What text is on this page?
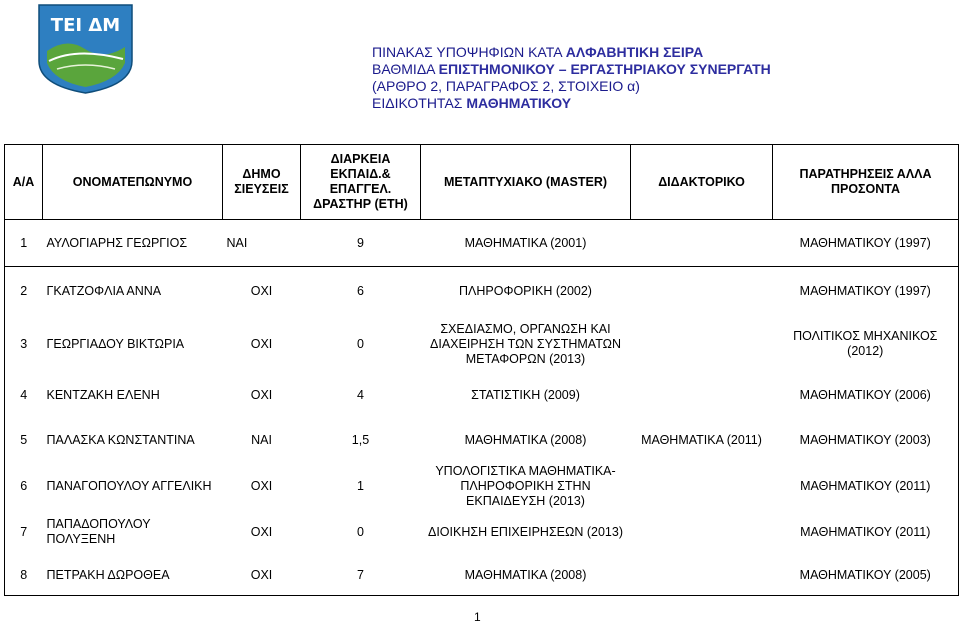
ΤΕΙ ΔΜ
ΠΙΝΑΚΑΣ ΥΠΟΨΗΦΙΩΝ ΚΑΤΑ ΑΛΦΑΒΗΤΙΚΗ ΣΕΙΡΑ
ΒΑΘΜΙΔΑ ΕΠΙΣΤΗΜΟΝΙΚΟΥ – ΕΡΓΑΣΤΗΡΙΑΚΟΥ ΣΥΝΕΡΓΑΤΗ
(ΑΡΘΡΟ 2, ΠΑΡΑΓΡΑΦΟΣ 2, ΣΤΟΙΧΕΙΟ α)
ΕΙΔΙΚΟΤΗΤΑΣ ΜΑΘΗΜΑΤΙΚΟΥ
Α/Α	ΟΝΟΜΑΤΕΠΩΝΥΜΟ	ΔΗΜΟ ΣΙΕΥΣΕΙΣ	ΔΙΑΡΚΕΙΑ ΕΚΠΑΙΔ.& ΕΠΑΓΓΕΛ. ΔΡΑΣΤΗΡ (ΕΤΗ)	ΜΕΤΑΠΤΥΧΙΑΚΟ (MASTER)	ΔΙΔΑΚΤΟΡΙΚΟ	ΠΑΡΑΤΗΡΗΣΕΙΣ ΑΛΛΑ ΠΡΟΣΟΝΤΑ
1	ΑΥΛΟΓΙΑΡΗΣ ΓΕΩΡΓΙΟΣ	ΝΑΙ	9	ΜΑΘΗΜΑΤΙΚΑ (2001)		ΜΑΘΗΜΑΤΙΚΟΥ (1997)
2	ΓΚΑΤΖΟΦΛΙΑ ΑΝΝΑ	ΟΧΙ	6	ΠΛΗΡΟΦΟΡΙΚΗ (2002)		ΜΑΘΗΜΑΤΙΚΟΥ (1997)
3	ΓΕΩΡΓΙΑΔΟΥ ΒΙΚΤΩΡΙΑ	ΟΧΙ	0	ΣΧΕΔΙΑΣΜΟ, ΟΡΓΑΝΩΣΗ ΚΑΙ ΔΙΑΧΕΙΡΗΣΗ ΤΩΝ ΣΥΣΤΗΜΑΤΩΝ ΜΕΤΑΦΟΡΩΝ (2013)		ΠΟΛΙΤΙΚΟΣ ΜΗΧΑΝΙΚΟΣ (2012)
4	ΚΕΝΤΖΑΚΗ ΕΛΕΝΗ	ΟΧΙ	4	ΣΤΑΤΙΣΤΙΚΗ (2009)		ΜΑΘΗΜΑΤΙΚΟΥ (2006)
5	ΠΑΛΑΣΚΑ ΚΩΝΣΤΑΝΤΙΝΑ	ΝΑΙ	1,5	ΜΑΘΗΜΑΤΙΚΑ (2008)	ΜΑΘΗΜΑΤΙΚΑ (2011)	ΜΑΘΗΜΑΤΙΚΟΥ (2003)
6	ΠΑΝΑΓΟΠΟΥΛΟΥ ΑΓΓΕΛΙΚΗ	ΟΧΙ	1	ΥΠΟΛΟΓΙΣΤΙΚΑ ΜΑΘΗΜΑΤΙΚΑ-ΠΛΗΡΟΦΟΡΙΚΗ ΣΤΗΝ ΕΚΠΑΙΔΕΥΣΗ (2013)		ΜΑΘΗΜΑΤΙΚΟΥ (2011)
7	ΠΑΠΑΔΟΠΟΥΛΟΥ ΠΟΛΥΞΕΝΗ	ΟΧΙ	0	ΔΙΟΙΚΗΣΗ ΕΠΙΧΕΙΡΗΣΕΩΝ (2013)		ΜΑΘΗΜΑΤΙΚΟΥ (2011)
8	ΠΕΤΡΑΚΗ ΔΩΡΟΘΕΑ	ΟΧΙ	7	ΜΑΘΗΜΑΤΙΚΑ (2008)		ΜΑΘΗΜΑΤΙΚΟΥ (2005)
1
